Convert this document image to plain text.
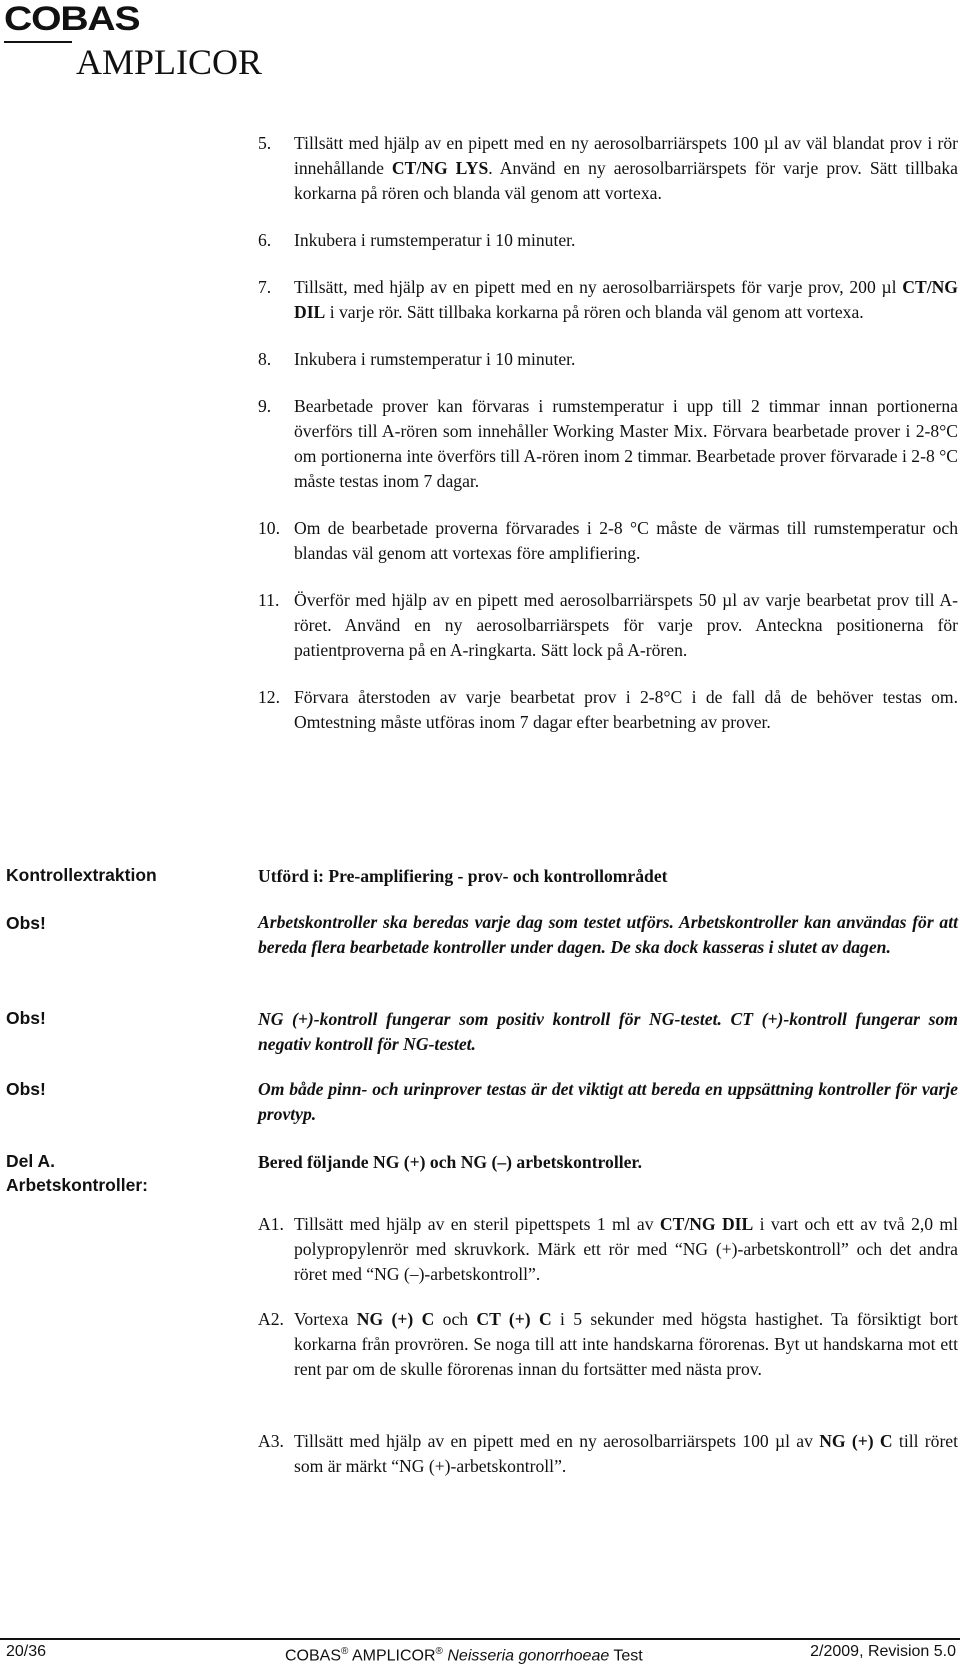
COBAS
AMPLICOR
5.	Tillsätt med hjälp av en pipett med en ny aerosolbarriärspets 100 µl av väl blandat prov i rör innehållande CT/NG LYS. Använd en ny aerosolbarriärspets för varje prov. Sätt tillbaka korkarna på rören och blanda väl genom att vortexa.
6.	Inkubera i rumstemperatur i 10 minuter.
7.	Tillsätt, med hjälp av en pipett med en ny aerosolbarriärspets för varje prov, 200 µl CT/NG DIL i varje rör. Sätt tillbaka korkarna på rören och blanda väl genom att vortexa.
8.	Inkubera i rumstemperatur i 10 minuter.
9.	Bearbetade prover kan förvaras i rumstemperatur i upp till 2 timmar innan portionerna överförs till A-rören som innehåller Working Master Mix. Förvara bearbetade prover i 2-8°C om portionerna inte överförs till A-rören inom 2 timmar. Bearbetade prover förvarade i 2-8 °C måste testas inom 7 dagar.
10. Om de bearbetade proverna förvarades i 2-8 °C måste de värmas till rumstemperatur och blandas väl genom att vortexas före amplifiering.
11. Överför med hjälp av en pipett med aerosolbarriärspets 50 µl av varje bearbetat prov till A-röret. Använd en ny aerosolbarriärspets för varje prov. Anteckna positionerna för patientproverna på en A-ringkarta. Sätt lock på A-rören.
12. Förvara återstoden av varje bearbetat prov i 2-8°C i de fall då de behöver testas om. Omtestning måste utföras inom 7 dagar efter bearbetning av prover.
Kontrollextraktion	Utförd i: Pre-amplifiering - prov- och kontrollområdet
Obs!	Arbetskontroller ska beredas varje dag som testet utförs. Arbetskontroller kan användas för att bereda flera bearbetade kontroller under dagen. De ska dock kasseras i slutet av dagen.
Obs!	NG (+)-kontroll fungerar som positiv kontroll för NG-testet. CT (+)-kontroll fungerar som negativ kontroll för NG-testet.
Obs!	Om både pinn- och urinprover testas är det viktigt att bereda en uppsättning kontroller för varje provtyp.
Del A.
Arbetskontroller:
Bered följande NG (+) och NG (–) arbetskontroller.
A1. Tillsätt med hjälp av en steril pipettspets 1 ml av CT/NG DIL i vart och ett av två 2,0 ml polypropylenrör med skruvkork. Märk ett rör med “NG (+)-arbetskontroll” och det andra röret med “NG (–)-arbetskontroll”.
A2. Vortexa NG (+) C och CT (+) C i 5 sekunder med högsta hastighet. Ta försiktigt bort korkarna från provrören. Se noga till att inte handskarna förorenas. Byt ut handskarna mot ett rent par om de skulle förorenas innan du fortsätter med nästa prov.
A3. Tillsätt med hjälp av en pipett med en ny aerosolbarriärspets 100 µl av NG (+) C till röret som är märkt “NG (+)-arbetskontroll”.
20/36	COBAS® AMPLICOR® Neisseria gonorrhoeae Test	2/2009, Revision 5.0
